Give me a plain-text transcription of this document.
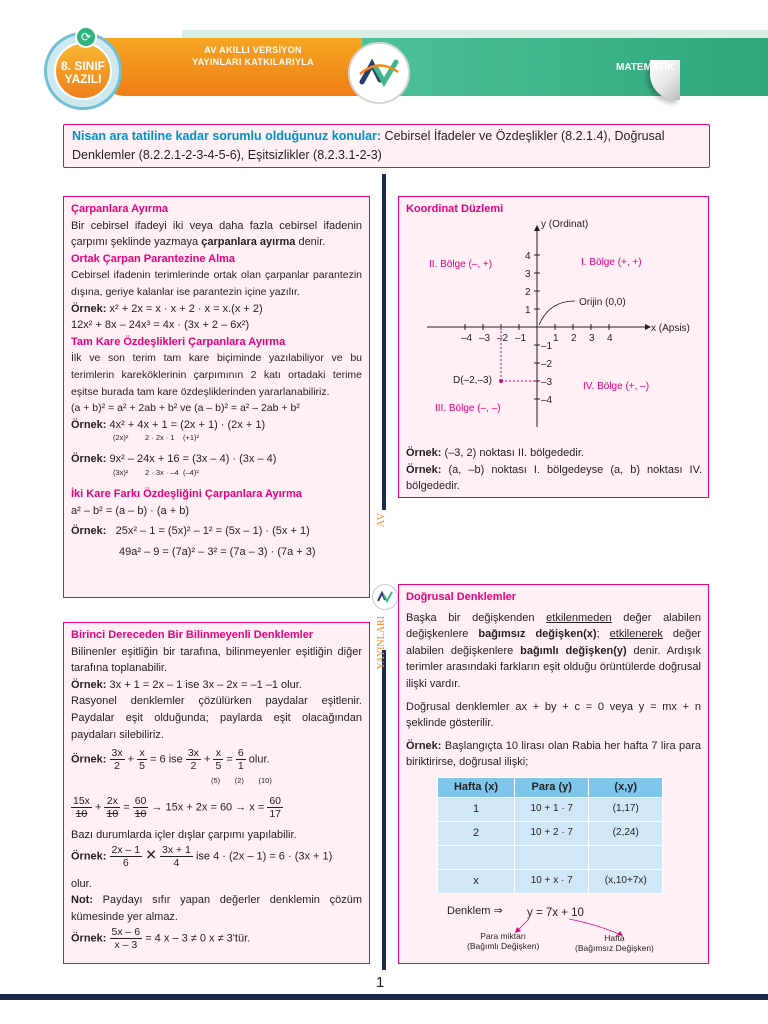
8. SINIF
YAZILI
⟳
AV AKILLI VERSİYON
YAYINLARI KATKILARIYLA	MATEMATİK
Nisan ara tatiline kadar sorumlu olduğunuz konular: Cebirsel İfadeler ve Özdeşlikler (8.2.1.4), Doğrusal Denklemler (8.2.2.1-2-3-4-5-6), Eşitsizlikler (8.2.3.1-2-3)
AV
YAYINLARI
Çarpanlara Ayırma
Bir cebirsel ifadeyi iki veya daha fazla cebirsel ifadenin çarpımı şeklinde yazmaya çarpanlara ayırma denir.
Ortak Çarpan Parantezine Alma
Cebirsel ifadenin terimlerinde ortak olan çarpanlar parantezin dışına, geriye kalanlar ise parantezin içine yazılır.
Örnek: x² + 2x = x · x + 2 · x = x.(x + 2)
12x² + 8x – 24x³ = 4x · (3x + 2 – 6x²)
Tam Kare Özdeşlikleri Çarpanlara Ayırma
İlk ve son terim tam kare biçiminde yazılabiliyor ve bu terimlerin kareköklerinin çarpımının 2 katı ortadaki terime eşitse burada tam kare özdeşliklerinden yararlanabiliriz.
(a + b)² = a² + 2ab + b² ve (a – b)² = a² – 2ab + b²
Örnek: 4x² + 4x + 1 = (2x + 1) · (2x + 1)
(2x)² 2 · 2x · 1 (+1)²
Örnek: 9x² – 24x + 16 = (3x – 4) · (3x – 4)
(3x)² 2 · 3x · –4 (–4)²
İki Kare Farkı Özdeşliğini Çarpanlara Ayırma
a² – b² = (a – b) · (a + b)
Örnek: 25x² – 1 = (5x)² – 1² = (5x – 1) · (5x + 1)
49a² – 9 = (7a)² – 3² = (7a – 3) · (7a + 3)
Birinci Dereceden Bir Bilinmeyenli Denklemler
Bilinenler eşitliğin bir tarafına, bilinmeyenler eşitliğin diğer tarafına toplanabilir.
Örnek: 3x + 1 = 2x – 1 ise 3x – 2x = –1 –1 olur.
Rasyonel denklemler çözülürken paydalar eşitlenir. Paydalar eşit olduğunda; paylarda eşit olacağından paydaları silebiliriz.
Örnek: $\frac{3x}{2} + \frac{x}{5} = 6$ ise $\frac{3x}{2} + \frac{x}{5} = \frac{6}{1}$ olur.
(5)       (2)       (10)
$\frac{15x}{10} + \frac{2x}{10} = \frac{60}{10} \to 15x + 2x = 60 \to x = \frac{60}{17}$
Bazı durumlarda içler dışlar çarpımı yapılabilir.
Örnek: $\frac{2x - 1}{6}$ ✕ $\frac{3x + 1}{4}$ ise 4 · (2x – 1) = 6 · (3x + 1)
olur.
Not: Paydayı sıfır yapan değerler denklemin çözüm kümesinde yer almaz.
Örnek: $\frac{5x - 6}{x - 3} = 4$ x – 3 ≠ 0 x ≠ 3'tür.
Koordinat Düzlemi
–4 –3 –2 –1	1 2 3 4
4
3
2
1
–1
–2
–3
–4
y (Ordinat)
x (Apsis)
II. Bölge (–, +)	I. Bölge (+, +)
III. Bölge (–, –)
IV. Bölge (+, –)
Orijin (0,0)
D(–2,–3)
Örnek: (–3, 2) noktası II. bölgededir.
Örnek: (a, –b) noktası I. bölgedeyse (a, b) noktası IV. bölgededir.
Doğrusal Denklemler
Başka bir değişkenden etkilenmeden değer alabilen değişkenlere bağımsız değişken(x); etkilenerek değer alabilen değişkenlere bağımlı değişken(y) denir. Ardışık terimler arasındaki farkların eşit olduğu örüntülerde doğrusal ilişki vardır.
Doğrusal denklemler ax + by + c = 0 veya y = mx + n şeklinde gösterilir.
Örnek: Başlangıçta 10 lirası olan Rabia her hafta 7 lira para biriktirirse, doğrusal ilişki;
Hafta (x)	Para (y)	(x,y)
1	10 + 1 · 7	(1,17)
2	10 + 2 · 7	(2,24)

x	10 + x · 7	(x,10+7x)
Denklem ⇒ y = 7x + 10
Para miktarı
(Bağımlı Değişken)
Hafta
(Bağımsız Değişken)
1
